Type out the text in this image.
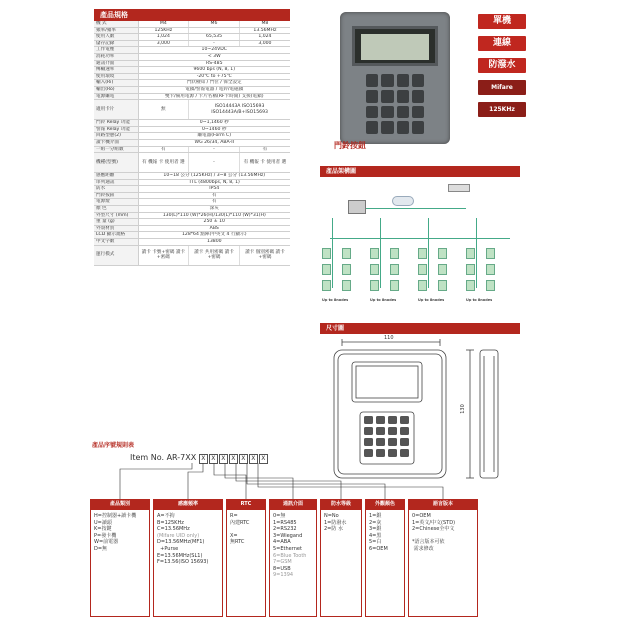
產品規格
機 式	M4	M6	M8
頻率/頻率	125KHz		13.56MHz
使用人數	1,024	65,535	1,024
儲存記錄	3,000	-	3,000
工作電壓	10~24VDC		
消耗功率	< 3W		
通訊介面	RS-485		
傳輸速率	9600 bps (N, 8, 1)		
使用環境	-20℃ to +75℃		
輸入(Ri)	門狀檢知 / 門位 / 保全設定		
輸出(Ro)	電鎖/警報電器 / 電鈴/電磁鎖		
電源繼電	雙卡/備用電源 / 卡片名稱(RF卡時開) 支援(電鎖)		
適用卡片	無	ISO14443A ISO15693 ISO14443A/B+ISO15693	
門鈴 Relay 功能	0~1,1460 秒		
警報 Relay 功能	0~1460 秒		
回路型態(2)	繼電器(Form C)		
讀卡機介面	WG 26/34, ABA-II		
一組一分組數	有	-	有
機種(型號)	有 機報 卡 使用者 選	-	有 機報 卡 使用者 選
感應距離	10~18 公分 (125KHz) / 3~8 公分 (13.56MHz)		
串列通訊	TTL (4800bps, N, 8, 1)		
防水	IP54		
門鈴按鈕	有		
電源燈	有		
顏 色	深灰		
外型尺寸 (mm)	130(L)*110 (W)*26(H)/130(L)*110 (W)*31(H)		
重 量 (g)	250 ± 10		
外殼材質	ABS		
LCD 顯示規格	128*64 點陣(中英文 4 行顯示)		
中文字數	13800		
運行模式	讀卡 卡號+密碼 讀卡+密碼	讀卡 共用密碼 讀卡+密碼	讀卡 個別密碼 讀卡+密碼
門鈴按鈕
單機
連線
防潑水
Mifare
125KHz
產品架構圖
Up to 8nodes	Up to 8nodes	Up to 8nodes	Up to 8nodes
尺寸圖
110
130
產品序號規則表
Item No. AR-7XX X X X X X X X
產品類別
H=控制器+讀卡機
U=讀頭
K=按鍵
P=發卡機
W=前電器
D=無
感應頻率
A=不拘
B=125KHz
C=13.56MHz
(Mifare UID only)
D=13.56MHz(MF1)
+Purse
E=13.56MHz(SL1)
F=13.56(ISO 15693)
RTC
R=
內建RTC

X=
無RTC
通訊介面
0=無
1=RS485
2=RS232
3=Wiegand
4=ABA
5=Ethernet
6=Blue Tooth
7=GSM
8=USB
9=1394
防水等級
N=No
1=防潑水
2=防 水
外觀顏色
1=銀
2=灰
3=銀
4=黑
5=白
6=OEM
語言版本
0=OEM
1=英文/中文(STD)
2=Chinese全中文

*語言版本可依
需求修改
